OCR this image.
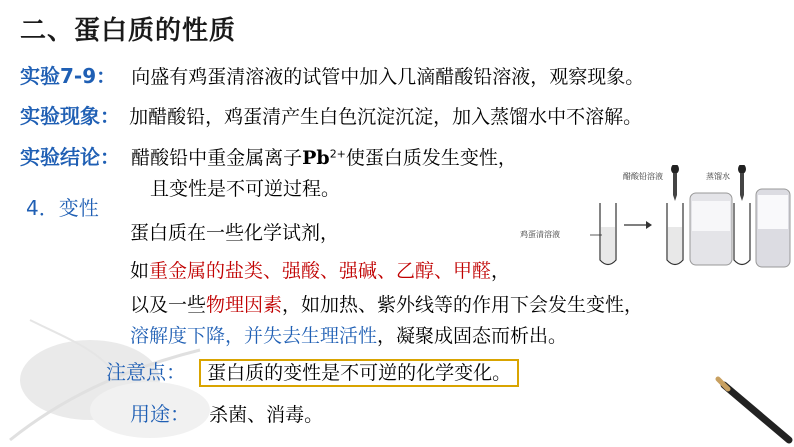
二、蛋白质的性质
实验7-9： 向盛有鸡蛋清溶液的试管中加入几滴醋酸铅溶液，观察现象。
实验现象： 加醋酸铅，鸡蛋清产生白色沉淀沉淀，加入蒸馏水中不溶解。
实验结论： 醋酸铅中重金属离子$Pb^{2+}$使蛋白质发生变性，
且变性是不可逆过程。
4．变性
蛋白质在一些化学试剂，
如重金属的盐类、强酸、强碱、乙醇、甲醛，
以及一些物理因素，如加热、紫外线等的作用下会发生变性，
溶解度下降，并失去生理活性，凝聚成固态而析出。
注意点： 蛋白质的变性是不可逆的化学变化。
用途： 杀菌、消毒。
鸡蛋清溶液
醋酸铅溶液	蒸馏水
